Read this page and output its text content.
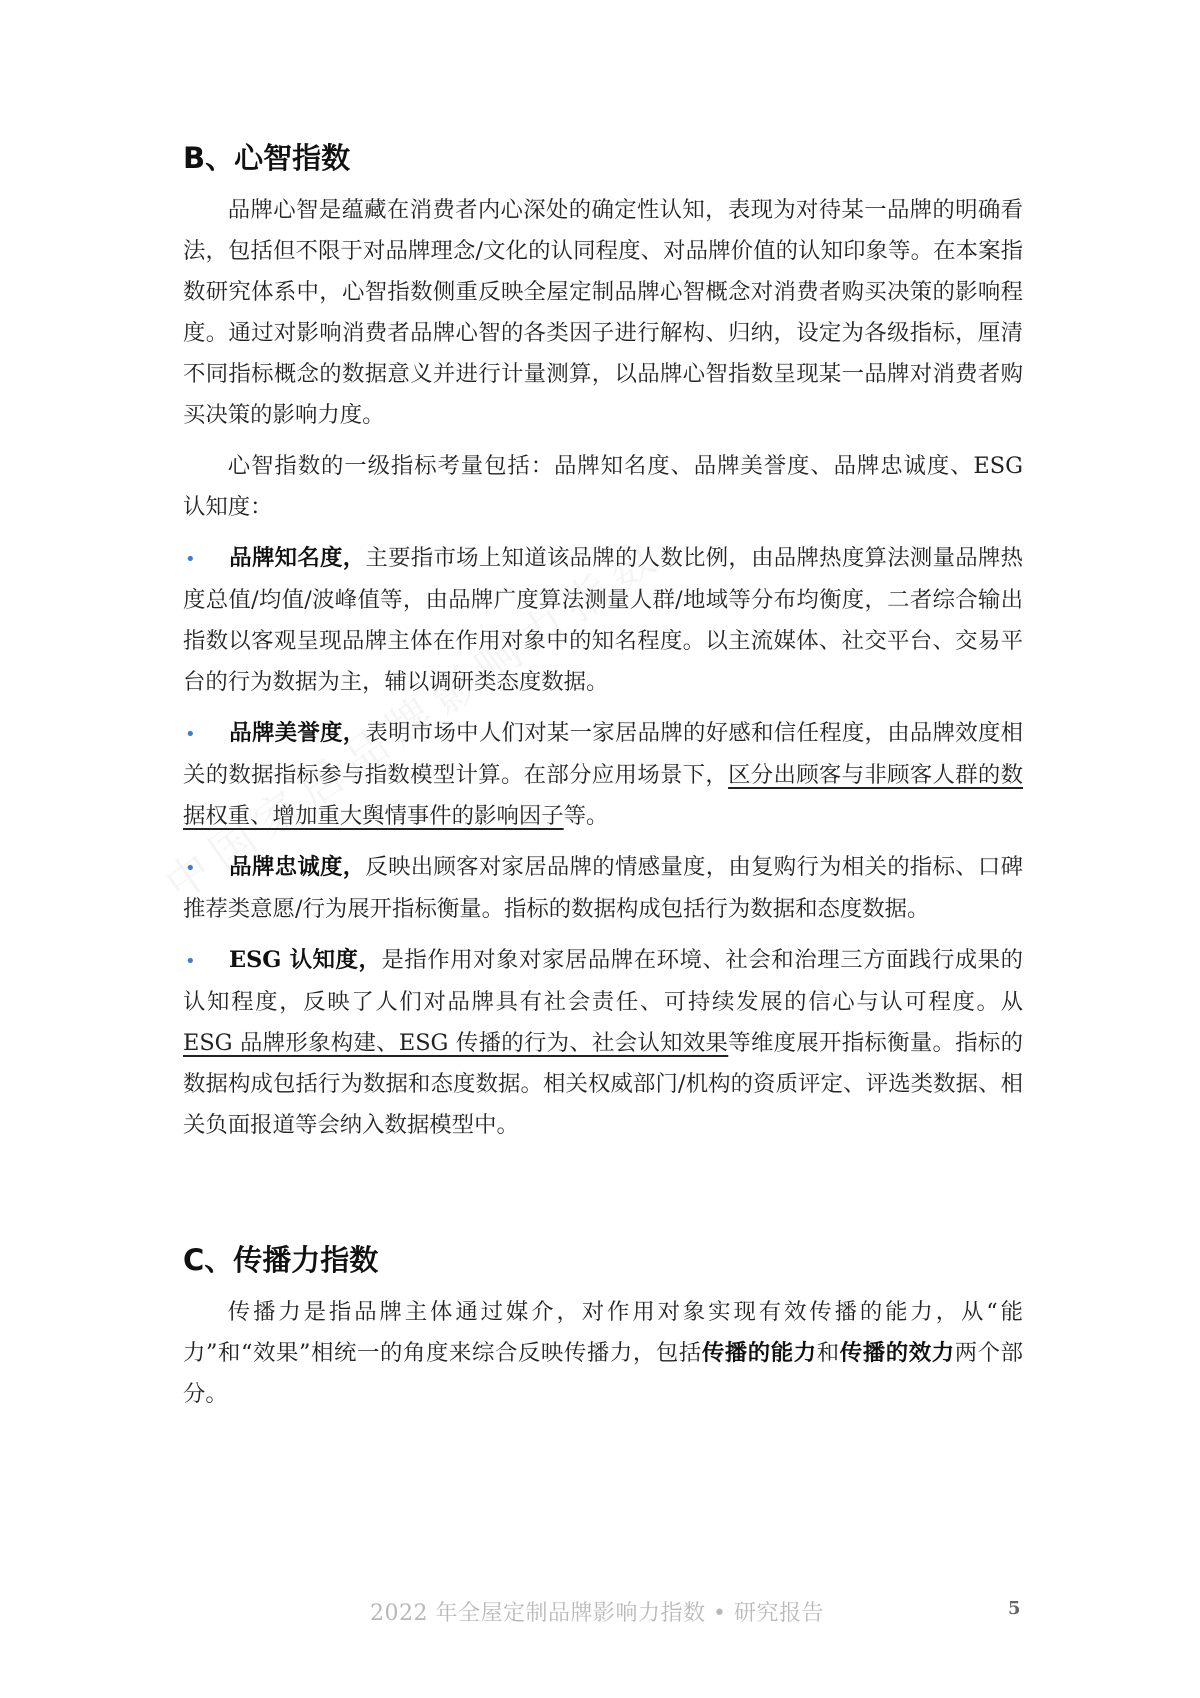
B、心智指数

品牌心智是蕴藏在消费者内心深处的确定性认知，表现为对待某一品牌的明确看法，包括但不限于对品牌理念/文化的认同程度、对品牌价值的认知印象等。在本案指数研究体系中，心智指数侧重反映全屋定制品牌心智概念对消费者购买决策的影响程度。通过对影响消费者品牌心智的各类因子进行解构、归纳，设定为各级指标，厘清不同指标概念的数据意义并进行计量测算，以品牌心智指数呈现某一品牌对消费者购买决策的影响力度。

心智指数的一级指标考量包括：品牌知名度、品牌美誉度、品牌忠诚度、ESG 认知度：

• 品牌知名度，主要指市场上知道该品牌的人数比例，由品牌热度算法测量品牌热度总值/均值/波峰值等，由品牌广度算法测量人群/地域等分布均衡度，二者综合输出指数以客观呈现品牌主体在作用对象中的知名程度。以主流媒体、社交平台、交易平台的行为数据为主，辅以调研类态度数据。

• 品牌美誉度，表明市场中人们对某一家居品牌的好感和信任程度，由品牌效度相关的数据指标参与指数模型计算。在部分应用场景下，区分出顾客与非顾客人群的数据权重、增加重大舆情事件的影响因子等。

• 品牌忠诚度，反映出顾客对家居品牌的情感量度，由复购行为相关的指标、口碑推荐类意愿/行为展开指标衡量。指标的数据构成包括行为数据和态度数据。

• ESG 认知度，是指作用对象对家居品牌在环境、社会和治理三方面践行成果的认知程度，反映了人们对品牌具有社会责任、可持续发展的信心与认可程度。从 ESG 品牌形象构建、ESG 传播的行为、社会认知效果等维度展开指标衡量。指标的数据构成包括行为数据和态度数据。相关权威部门/机构的资质评定、评选类数据、相关负面报道等会纳入数据模型中。

C、传播力指数

传播力是指品牌主体通过媒介，对作用对象实现有效传播的能力，从“能力”和“效果”相统一的角度来综合反映传播力，包括传播的能力和传播的效力两个部分。

2022 年全屋定制品牌影响力指数 • 研究报告	5
